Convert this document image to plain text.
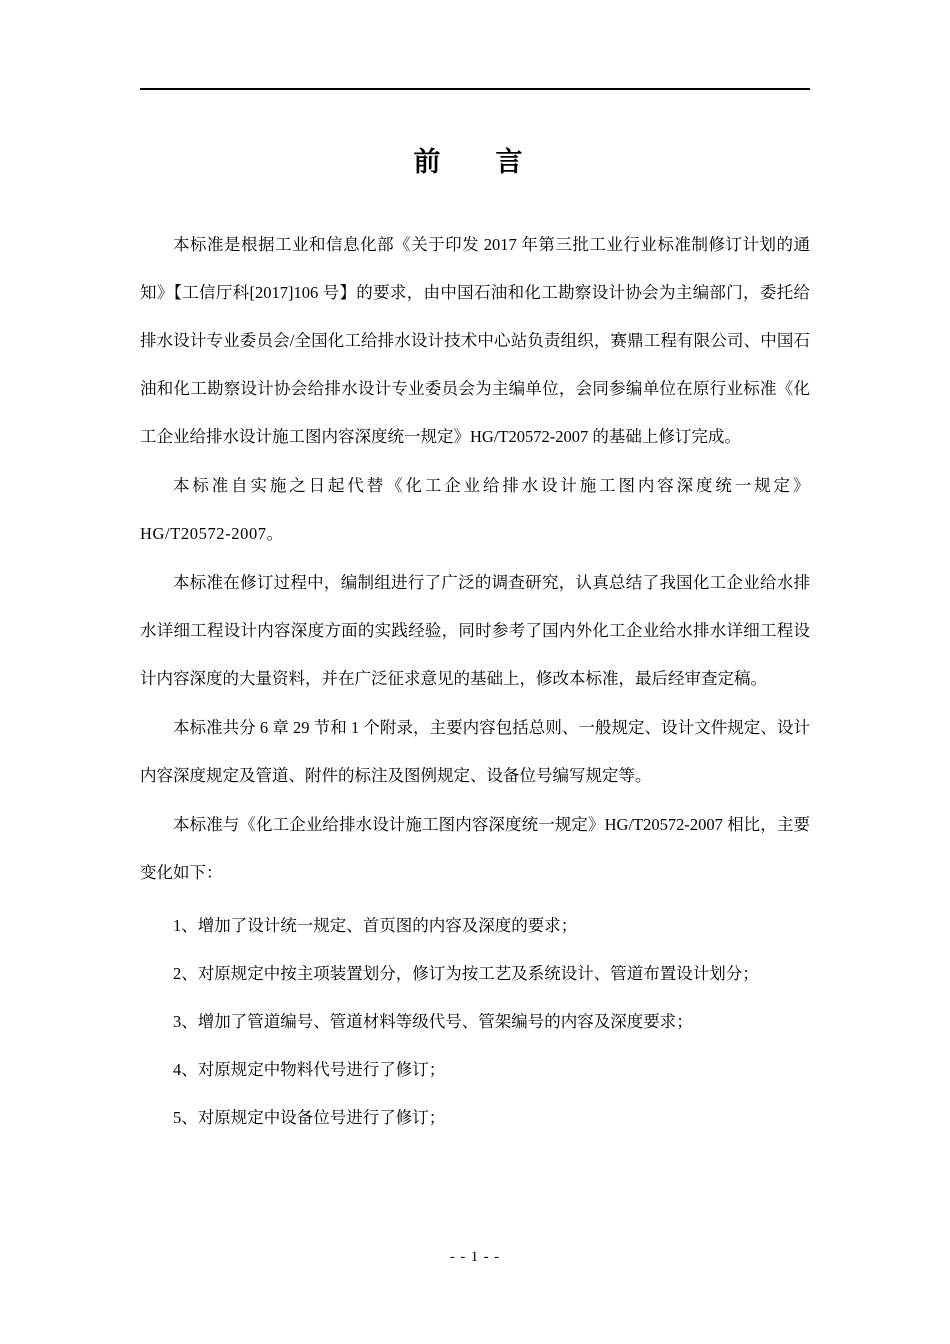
前　言

本标准是根据工业和信息化部《关于印发 2017 年第三批工业行业标准制修订计划的通知》【工信厅科[2017]106 号】的要求，由中国石油和化工勘察设计协会为主编部门，委托给排水设计专业委员会/全国化工给排水设计技术中心站负责组织，赛鼎工程有限公司、中国石油和化工勘察设计协会给排水设计专业委员会为主编单位，会同参编单位在原行业标准《化工企业给排水设计施工图内容深度统一规定》HG/T20572-2007 的基础上修订完成。

本标准自实施之日起代替《化工企业给排水设计施工图内容深度统一规定》HG/T20572-2007。

本标准在修订过程中，编制组进行了广泛的调查研究，认真总结了我国化工企业给水排水详细工程设计内容深度方面的实践经验，同时参考了国内外化工企业给水排水详细工程设计内容深度的大量资料，并在广泛征求意见的基础上，修改本标准，最后经审查定稿。

本标准共分 6 章 29 节和 1 个附录，主要内容包括总则、一般规定、设计文件规定、设计内容深度规定及管道、附件的标注及图例规定、设备位号编写规定等。

本标准与《化工企业给排水设计施工图内容深度统一规定》HG/T20572-2007 相比，主要变化如下：

1、增加了设计统一规定、首页图的内容及深度的要求；

2、对原规定中按主项装置划分，修订为按工艺及系统设计、管道布置设计划分；

3、增加了管道编号、管道材料等级代号、管架编号的内容及深度要求；

4、对原规定中物料代号进行了修订；

5、对原规定中设备位号进行了修订；

- - 1 - -
